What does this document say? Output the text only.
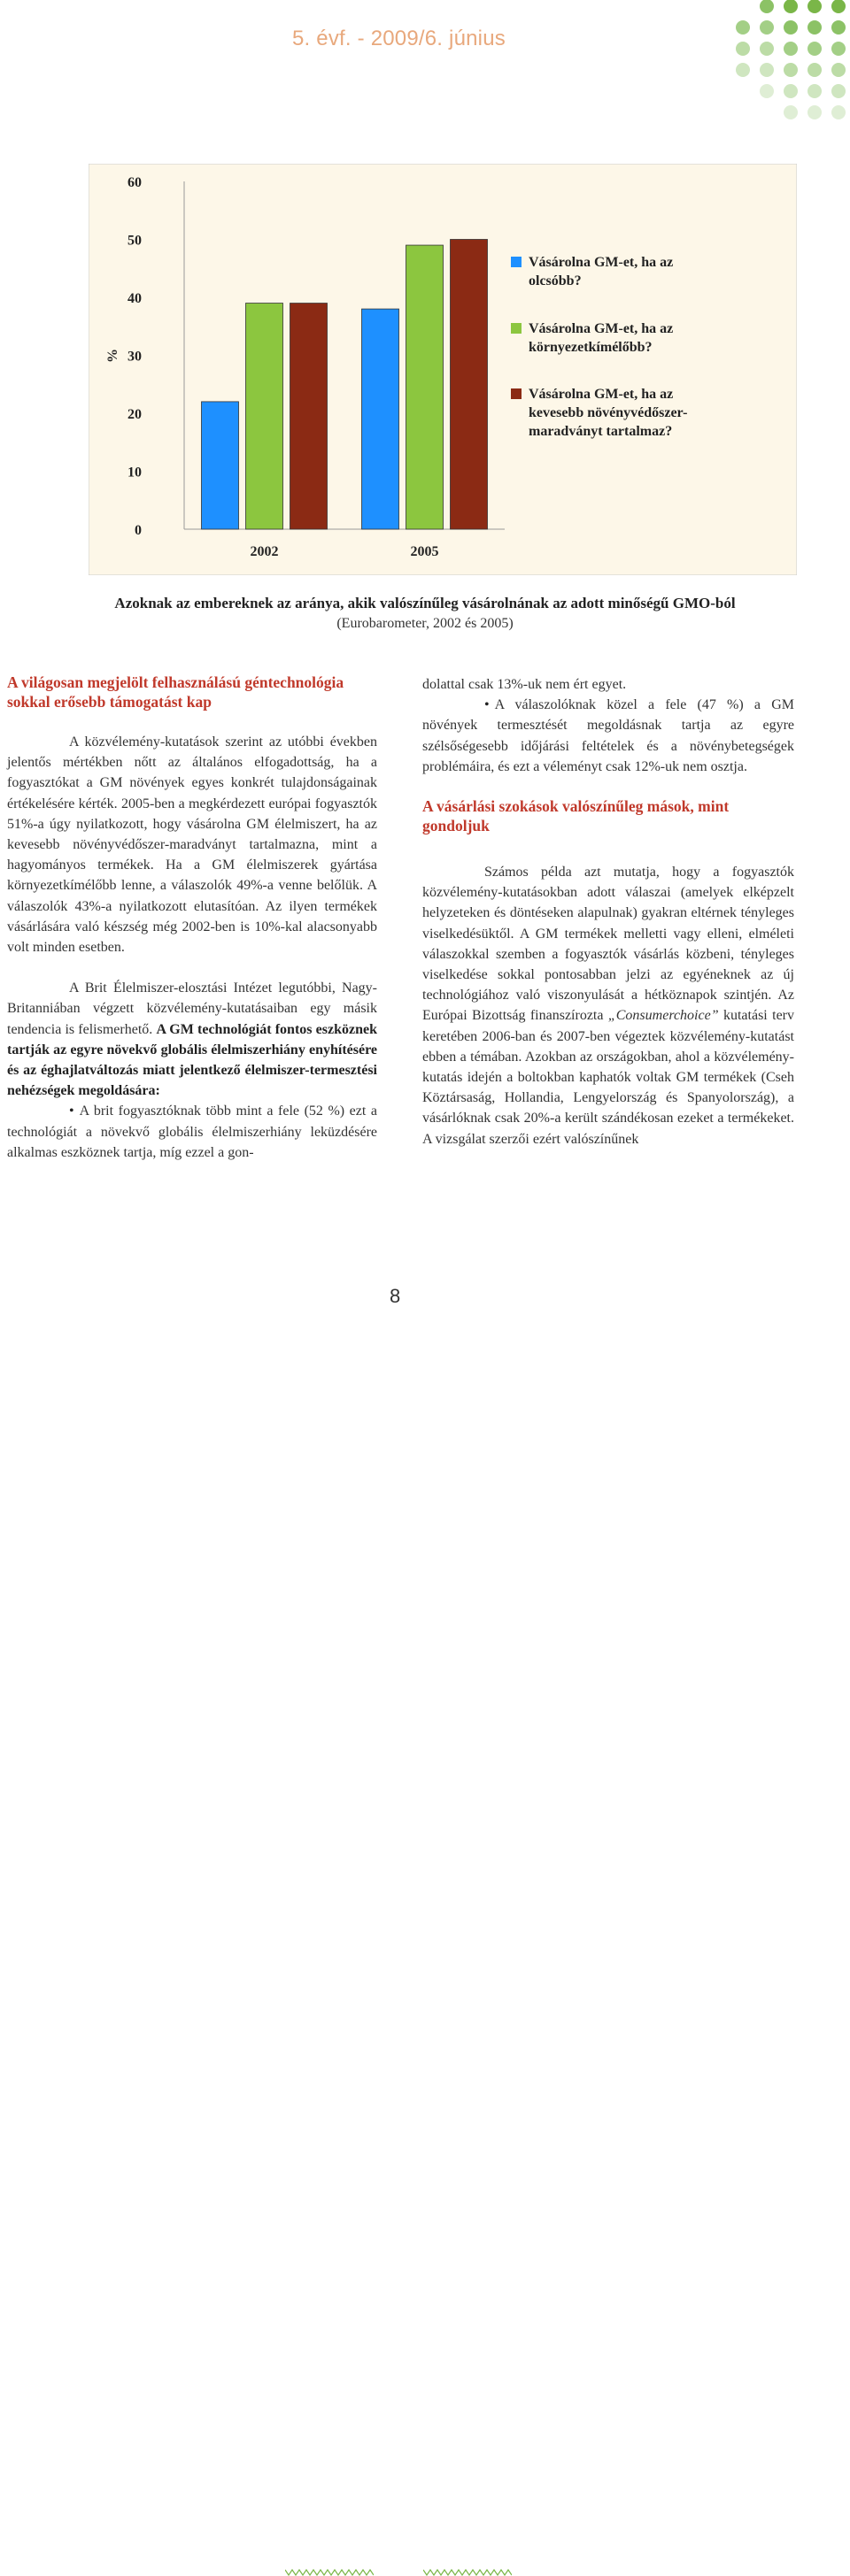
5. évf. - 2009/6. június
0
10
20
30
40
50
60
%
2002	2005
Vásárolna GM-et, ha az
olcsóbb?
Vásárolna GM-et, ha az
környezetkímélőbb?
Vásárolna GM-et, ha az
kevesebb növényvédőszer-
maradványt tartalmaz?
Azoknak az embereknek az aránya, akik valószínűleg vásárolnának az adott minőségű GMO-ból
(Eurobarometer, 2002 és 2005)

A világosan megjelölt felhasználású géntechnológia sokkal erősebb támogatást kap

A közvélemény-kutatások szerint az utóbbi években jelentős mértékben nőtt az általános elfogadottság, ha a fogyasztókat a GM növények egyes konkrét tulajdonságainak értékelésére kérték. 2005-ben a megkérdezett európai fogyasztók 51%-a úgy nyilatkozott, hogy vásárolna GM élelmiszert, ha az kevesebb növényvédőszer-maradványt tartalmazna, mint a hagyományos termékek. Ha a GM élelmiszerek gyártása környezetkímélőbb lenne, a válaszolók 49%-a venne belőlük. A válaszolók 43%-a nyilatkozott elutasítóan. Az ilyen termékek vásárlására való készség még 2002-ben is 10%-kal alacsonyabb volt minden esetben.

A Brit Élelmiszer-elosztási Intézet legutóbbi, Nagy-Britanniában végzett közvélemény-kutatásaiban egy másik tendencia is felismerhető. A GM technológiát fontos eszköznek tartják az egyre növekvő globális élelmiszerhiány enyhítésére és az éghajlatváltozás miatt jelentkező élelmiszer-termesztési nehézségek megoldására:

• A brit fogyasztóknak több mint a fele (52 %) ezt a technológiát a növekvő globális élelmiszerhiány leküzdésére alkalmas eszköznek tartja, míg ezzel a gon-

dolattal csak 13%-uk nem ért egyet.

• A válaszolóknak közel a fele (47 %) a GM növények termesztését megoldásnak tartja az egyre szélsőségesebb időjárási feltételek és a növénybetegségek problémáira, és ezt a véleményt csak 12%-uk nem osztja.

A vásárlási szokások valószínűleg mások, mint gondoljuk

Számos példa azt mutatja, hogy a fogyasztók közvélemény-kutatásokban adott válaszai (amelyek elképzelt helyzeteken és döntéseken alapulnak) gyakran eltérnek tényleges viselkedésüktől. A GM termékek melletti vagy elleni, elméleti válaszokkal szemben a fogyasztók vásárlás közbeni, tényleges viselkedése sokkal pontosabban jelzi az egyéneknek az új technológiához való viszonyulását a hétköznapok szintjén. Az Európai Bizottság finanszírozta „Consumerchoice” kutatási terv keretében 2006-ban és 2007-ben végeztek közvélemény-kutatást ebben a témában. Azokban az országokban, ahol a közvélemény-kutatás idején a boltokban kaphatók voltak GM termékek (Cseh Köztársaság, Hollandia, Lengyelország és Spanyolország), a vásárlóknak csak 20%-a került szándékosan ezeket a termékeket. A vizsgálat szerzői ezért valószínűnek

8
